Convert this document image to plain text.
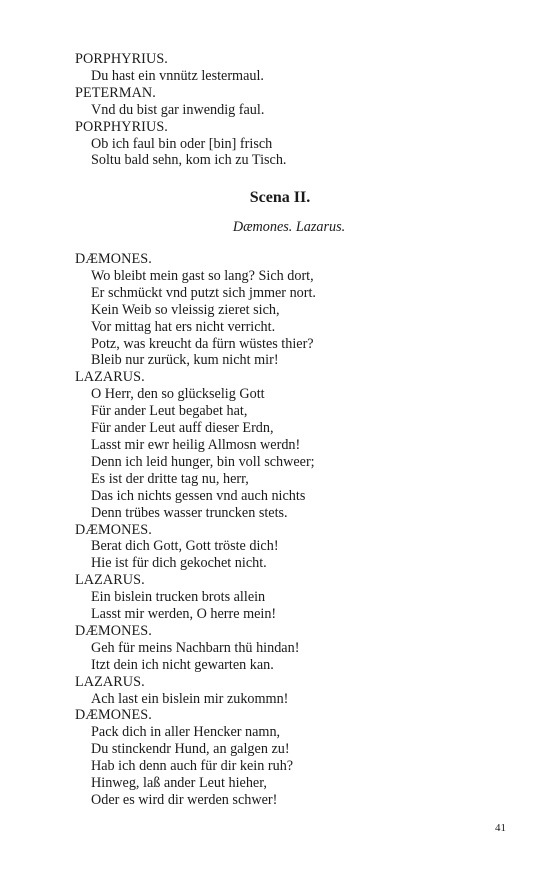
PORPHYRIUS.
Du hast ein vnnütz lestermaul.
PETERMAN.
Vnd du bist gar inwendig faul.
PORPHYRIUS.
Ob ich faul bin oder [bin] frisch
Soltu bald sehn, kom ich zu Tisch.
Scena II.
Dæmones. Lazarus.
DÆMONES.
Wo bleibt mein gast so lang? Sich dort,
Er schmückt vnd putzt sich jmmer nort.
Kein Weib so vleissig zieret sich,
Vor mittag hat ers nicht verricht.
Potz, was kreucht da fürn wüstes thier?
Bleib nur zurück, kum nicht mir!
LAZARUS.
O Herr, den so glückselig Gott
Für ander Leut begabet hat,
Für ander Leut auff dieser Erdn,
Lasst mir ewr heilig Allmosn werdn!
Denn ich leid hunger, bin voll schweer;
Es ist der dritte tag nu, herr,
Das ich nichts gessen vnd auch nichts
Denn trübes wasser truncken stets.
DÆMONES.
Berat dich Gott, Gott tröste dich!
Hie ist für dich gekochet nicht.
LAZARUS.
Ein bislein trucken brots allein
Lasst mir werden, O herre mein!
DÆMONES.
Geh für meins Nachbarn thü hindan!
Itzt dein ich nicht gewarten kan.
LAZARUS.
Ach last ein bislein mir zukommn!
DÆMONES.
Pack dich in aller Hencker namn,
Du stinckendr Hund, an galgen zu!
Hab ich denn auch für dir kein ruh?
Hinweg, laß ander Leut hieher,
Oder es wird dir werden schwer!
41
